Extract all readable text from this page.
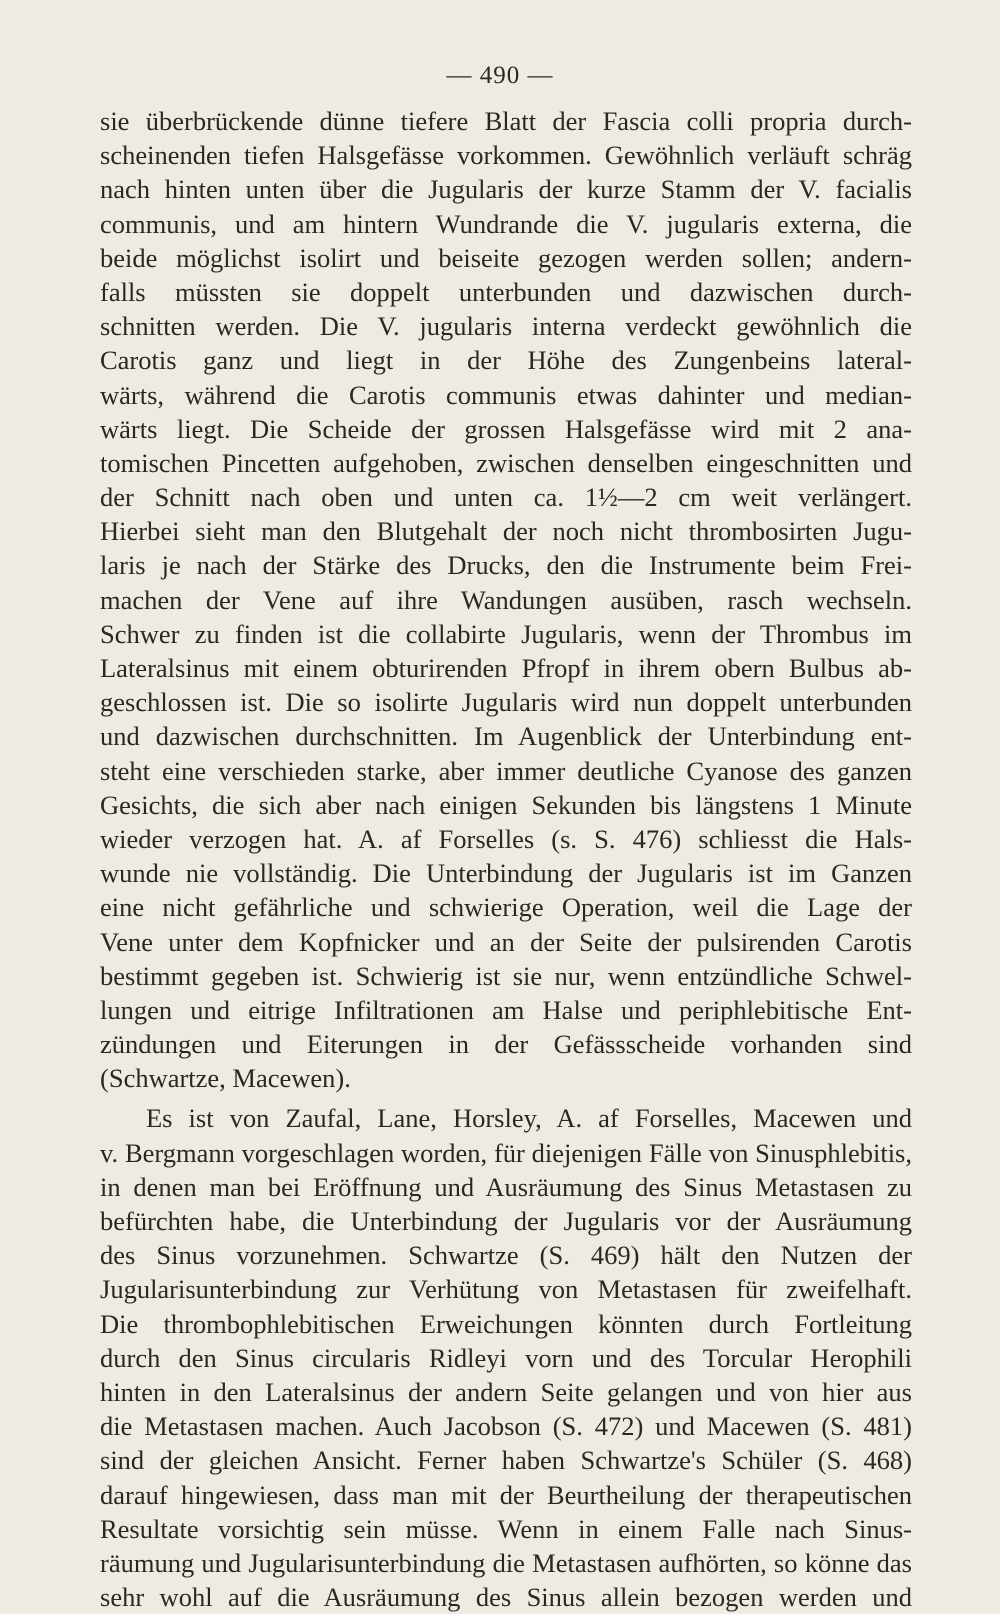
— 490 —
sie überbrückende dünne tiefere Blatt der Fascia colli propria durch-
scheinenden tiefen Halsgefässe vorkommen. Gewöhnlich verläuft schräg
nach hinten unten über die Jugularis der kurze Stamm der V. facialis
communis, und am hintern Wundrande die V. jugularis externa, die
beide möglichst isolirt und beiseite gezogen werden sollen; andern-
falls müssten sie doppelt unterbunden und dazwischen durch-
schnitten werden. Die V. jugularis interna verdeckt gewöhnlich die
Carotis ganz und liegt in der Höhe des Zungenbeins lateral-
wärts, während die Carotis communis etwas dahinter und median-
wärts liegt. Die Scheide der grossen Halsgefässe wird mit 2 ana-
tomischen Pincetten aufgehoben, zwischen denselben eingeschnitten und
der Schnitt nach oben und unten ca. 1½—2 cm weit verlängert.
Hierbei sieht man den Blutgehalt der noch nicht thrombosirten Jugu-
laris je nach der Stärke des Drucks, den die Instrumente beim Frei-
machen der Vene auf ihre Wandungen ausüben, rasch wechseln.
Schwer zu finden ist die collabirte Jugularis, wenn der Thrombus im
Lateralsinus mit einem obturirenden Pfropf in ihrem obern Bulbus ab-
geschlossen ist. Die so isolirte Jugularis wird nun doppelt unterbunden
und dazwischen durchschnitten. Im Augenblick der Unterbindung ent-
steht eine verschieden starke, aber immer deutliche Cyanose des ganzen
Gesichts, die sich aber nach einigen Sekunden bis längstens 1 Minute
wieder verzogen hat. A. af Forselles (s. S. 476) schliesst die Hals-
wunde nie vollständig. Die Unterbindung der Jugularis ist im Ganzen
eine nicht gefährliche und schwierige Operation, weil die Lage der
Vene unter dem Kopfnicker und an der Seite der pulsirenden Carotis
bestimmt gegeben ist. Schwierig ist sie nur, wenn entzündliche Schwel-
lungen und eitrige Infiltrationen am Halse und periphlebitische Ent-
zündungen und Eiterungen in der Gefässscheide vorhanden sind
(Schwartze, Macewen).
Es ist von Zaufal, Lane, Horsley, A. af Forselles, Macewen und
v. Bergmann vorgeschlagen worden, für diejenigen Fälle von Sinusphlebitis,
in denen man bei Eröffnung und Ausräumung des Sinus Metastasen zu
befürchten habe, die Unterbindung der Jugularis vor der Ausräumung
des Sinus vorzunehmen. Schwartze (S. 469) hält den Nutzen der
Jugularisunterbindung zur Verhütung von Metastasen für zweifelhaft.
Die thrombophlebitischen Erweichungen könnten durch Fortleitung
durch den Sinus circularis Ridleyi vorn und des Torcular Herophili
hinten in den Lateralsinus der andern Seite gelangen und von hier aus
die Metastasen machen. Auch Jacobson (S. 472) und Macewen (S. 481)
sind der gleichen Ansicht. Ferner haben Schwartze's Schüler (S. 468)
darauf hingewiesen, dass man mit der Beurtheilung der therapeutischen
Resultate vorsichtig sein müsse. Wenn in einem Falle nach Sinus-
räumung und Jugularisunterbindung die Metastasen aufhörten, so könne das
sehr wohl auf die Ausräumung des Sinus allein bezogen werden und
